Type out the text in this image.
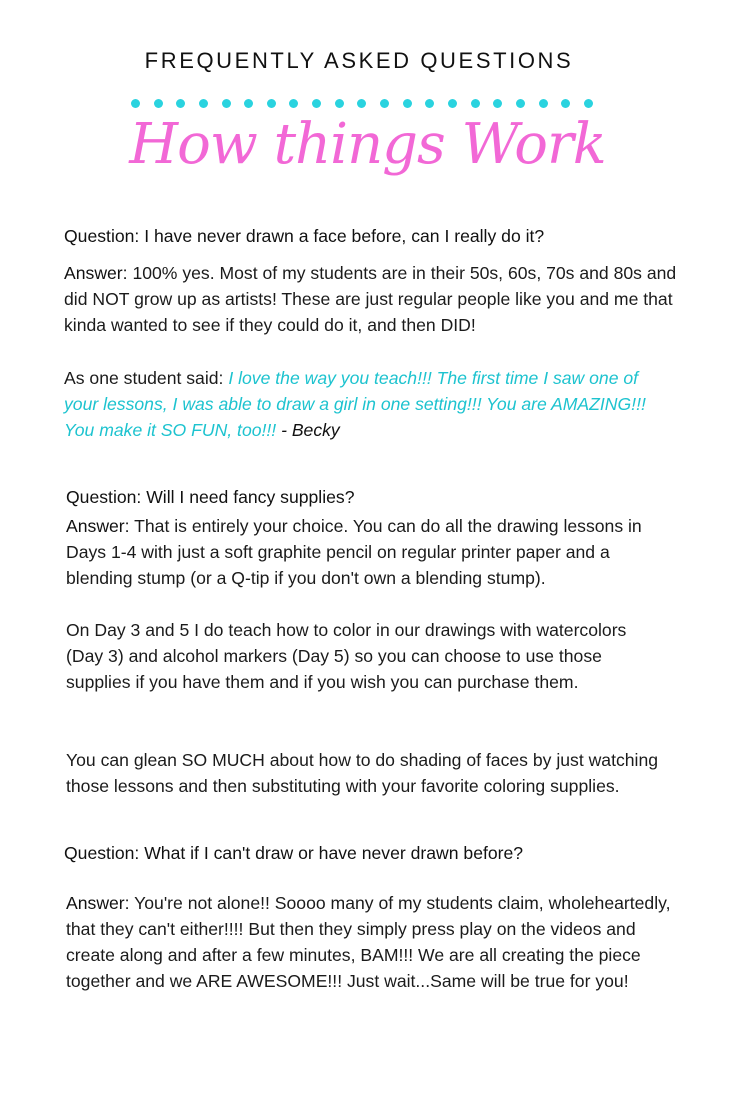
FREQUENTLY ASKED QUESTIONS
How things Work

Question: I have never drawn a face before, can I really do it?

Answer: 100% yes. Most of my students are in their 50s, 60s, 70s and 80s and did NOT grow up as artists! These are just regular people like you and me that kinda wanted to see if they could do it, and then DID!

As one student said: I love the way you teach!!! The first time I saw one of your lessons, I was able to draw a girl in one setting!!! You are AMAZING!!! You make it SO FUN, too!!! - Becky

Question: Will I need fancy supplies?

Answer: That is entirely your choice. You can do all the drawing lessons in Days 1-4 with just a soft graphite pencil on regular printer paper and a blending stump (or a Q-tip if you don't own a blending stump).

On Day 3 and 5 I do teach how to color in our drawings with watercolors (Day 3) and alcohol markers (Day 5) so you can choose to use those supplies if you have them and if you wish you can purchase them.

You can glean SO MUCH about how to do shading of faces by just watching those lessons and then substituting with your favorite coloring supplies.

Question: What if I can't draw or have never drawn before?

Answer: You're not alone!! Soooo many of my students claim, wholeheartedly, that they can't either!!!! But then they simply press play on the videos and create along and after a few minutes, BAM!!! We are all creating the piece together and we ARE AWESOME!!! Just wait...Same will be true for you!
